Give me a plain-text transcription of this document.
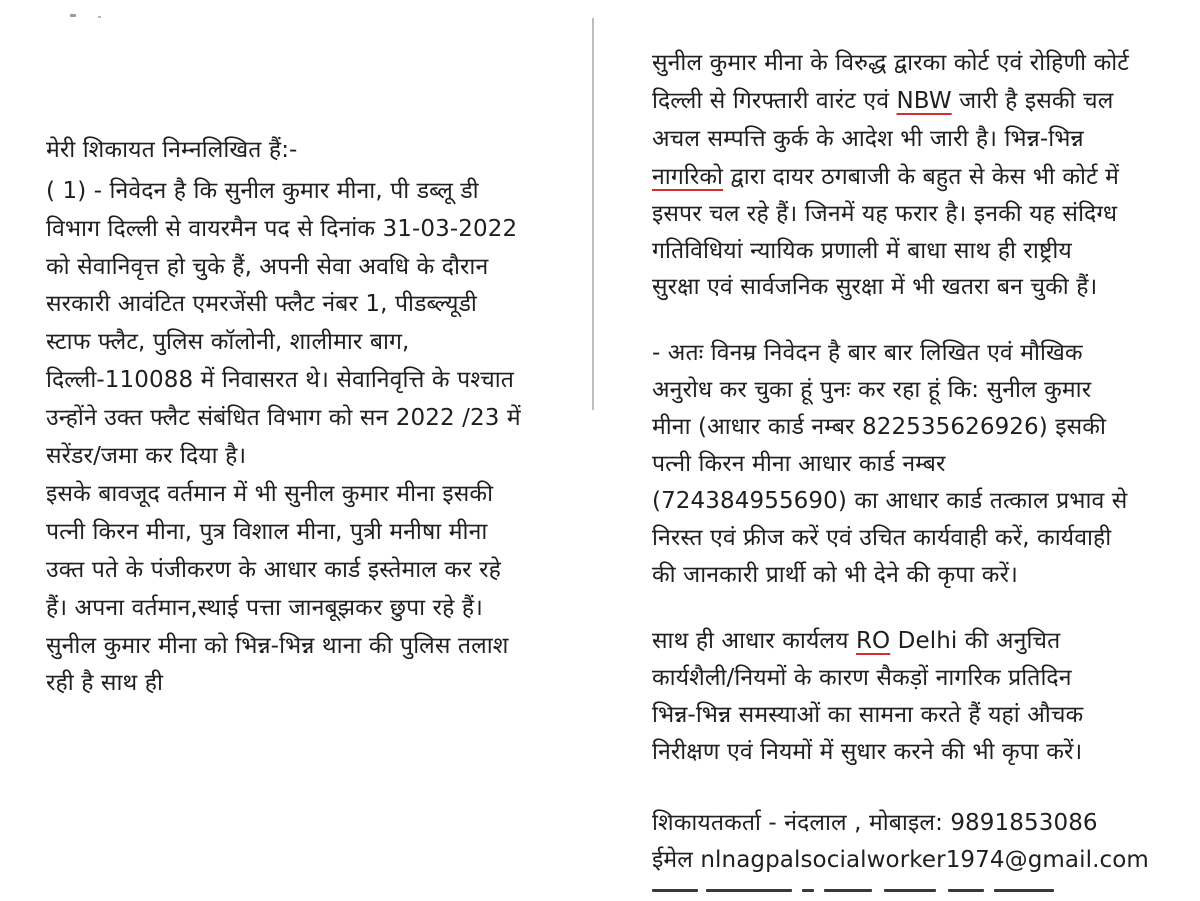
मेरी शिकायत निम्नलिखित हैं:-
( 1) - निवेदन है कि सुनील कुमार मीना, पी डब्लू डी
विभाग दिल्ली से वायरमैन पद से दिनांक 31-03-2022
को सेवानिवृत्त हो चुके हैं, अपनी सेवा अवधि के दौरान
सरकारी आवंटित एमरजेंसी फ्लैट नंबर 1, पीडब्ल्यूडी
स्टाफ फ्लैट, पुलिस कॉलोनी, शालीमार बाग,
दिल्ली-110088 में निवासरत थे। सेवानिवृत्ति के पश्चात
उन्होंने उक्त फ्लैट संबंधित विभाग को सन 2022 /23 में
सरेंडर/जमा कर दिया है।
इसके बावजूद वर्तमान में भी सुनील कुमार मीना इसकी
पत्नी किरन मीना, पुत्र विशाल मीना, पुत्री मनीषा मीना
उक्त पते के पंजीकरण के आधार कार्ड इस्तेमाल कर रहे
हैं। अपना वर्तमान,स्थाई पत्ता जानबूझकर छुपा रहे हैं।
सुनील कुमार मीना को भिन्न-भिन्न थाना की पुलिस तलाश
रही है साथ ही
सुनील कुमार मीना के विरुद्ध द्वारका कोर्ट एवं रोहिणी कोर्ट
दिल्ली से गिरफ्तारी वारंट एवं NBW जारी है इसकी चल
अचल सम्पत्ति कुर्क के आदेश भी जारी है। भिन्न-भिन्न
नागरिको द्वारा दायर ठगबाजी के बहुत से केस भी कोर्ट में
इसपर चल रहे हैं। जिनमें यह फरार है। इनकी यह संदिग्ध
गतिविधियां न्यायिक प्रणाली में बाधा साथ ही राष्ट्रीय
सुरक्षा एवं सार्वजनिक सुरक्षा में भी खतरा बन चुकी हैं।
- अतः विनम्र निवेदन है बार बार लिखित एवं मौखिक
अनुरोध कर चुका हूं पुनः कर रहा हूं कि: सुनील कुमार
मीना (आधार कार्ड नम्बर 822535626926) इसकी
पत्नी किरन मीना आधार कार्ड नम्बर
(724384955690) का आधार कार्ड तत्काल प्रभाव से
निरस्त एवं फ्रीज करें एवं उचित कार्यवाही करें, कार्यवाही
की जानकारी प्रार्थी को भी देने की कृपा करें।
साथ ही आधार कार्यलय RO Delhi की अनुचित
कार्यशैली/नियमों के कारण सैकड़ों नागरिक प्रतिदिन
भिन्न-भिन्न समस्याओं का सामना करते हैं यहां औचक
निरीक्षण एवं नियमों में सुधार करने की भी कृपा करें।
शिकायतकर्ता - नंदलाल , मोबाइल: 9891853086
ईमेल nlnagpalsocialworker1974@gmail.com
